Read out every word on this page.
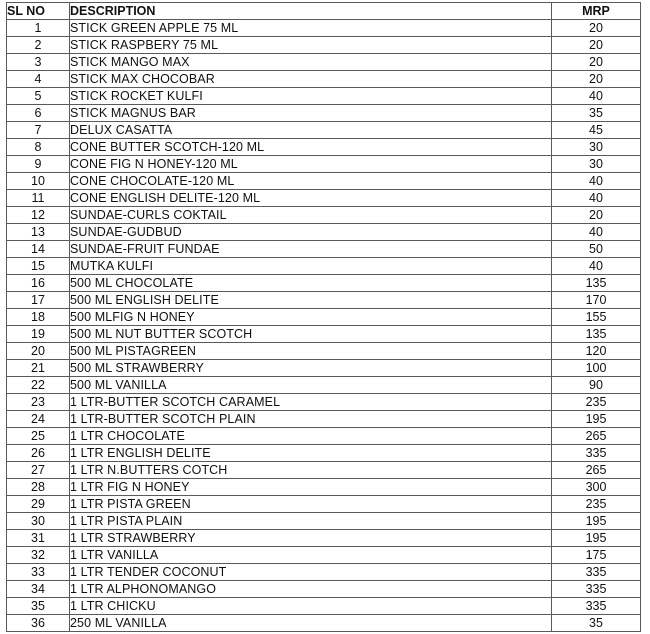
SL NO	DESCRIPTION	MRP
1	STICK GREEN APPLE 75 ML	20
2	STICK RASPBERY 75 ML	20
3	STICK MANGO MAX	20
4	STICK MAX CHOCOBAR	20
5	STICK ROCKET KULFI	40
6	STICK MAGNUS BAR	35
7	DELUX CASATTA	45
8	CONE BUTTER SCOTCH-120 ML	30
9	CONE FIG N HONEY-120 ML	30
10	CONE CHOCOLATE-120 ML	40
11	CONE ENGLISH DELITE-120 ML	40
12	SUNDAE-CURLS COKTAIL	20
13	SUNDAE-GUDBUD	40
14	SUNDAE-FRUIT FUNDAE	50
15	MUTKA KULFI	40
16	500 ML CHOCOLATE	135
17	500 ML ENGLISH DELITE	170
18	500 MLFIG N HONEY	155
19	500 ML NUT BUTTER SCOTCH	135
20	500 ML PISTAGREEN	120
21	500 ML STRAWBERRY	100
22	500 ML VANILLA	90
23	1 LTR-BUTTER SCOTCH CARAMEL	235
24	1 LTR-BUTTER SCOTCH PLAIN	195
25	1 LTR CHOCOLATE	265
26	1 LTR ENGLISH DELITE	335
27	1 LTR N.BUTTERS COTCH	265
28	1 LTR FIG N HONEY	300
29	1 LTR PISTA GREEN	235
30	1 LTR PISTA PLAIN	195
31	1 LTR STRAWBERRY	195
32	1 LTR VANILLA	175
33	1 LTR TENDER COCONUT	335
34	1 LTR ALPHONOMANGO	335
35	1 LTR CHICKU	335
36	250 ML VANILLA	35
